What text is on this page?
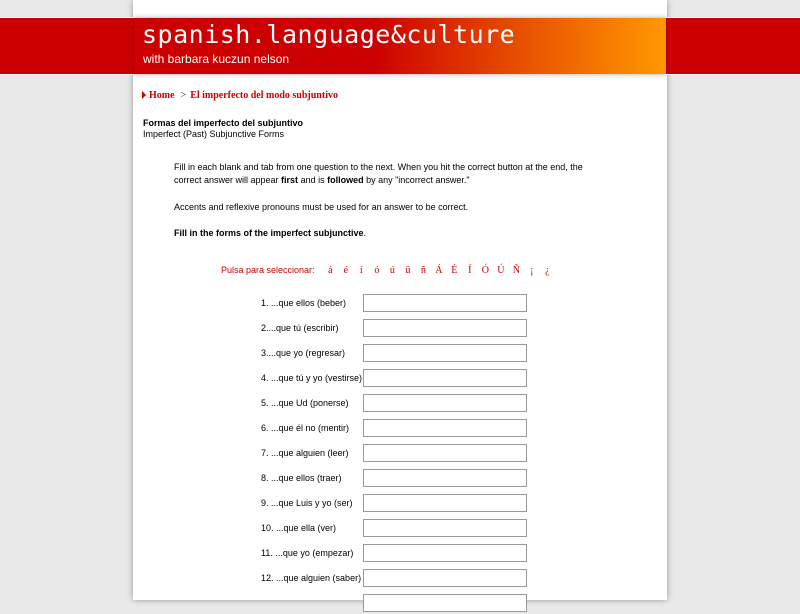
spanish.language&culture
with barbara kuczun nelson
Home > El imperfecto del modo subjuntivo
Formas del imperfecto del subjuntivo
Imperfect (Past) Subjunctive Forms

Fill in each blank and tab from one question to the next. When you hit the correct button at the end, the correct answer will appear first and is followed by any "incorrect answer."

Accents and reflexive pronouns must be used for an answer to be correct.

Fill in the forms of the imperfect subjunctive.

Pulsa para seleccionar: á é í ó ú ü ñ Á É Í Ó Ú Ñ ¡ ¿
1. ...que ellos (beber)
2....que tú (escribir)
3....que yo (regresar)
4. ...que tú y yo (vestirse)
5. ...que Ud (ponerse)
6. ...que él no (mentir)
7. ...que alguien (leer)
8. ...que ellos (traer)
9. ...que Luis y yo (ser)
10. ...que ella (ver)
11. ...que yo (empezar)
12. ...que alguien (saber)
